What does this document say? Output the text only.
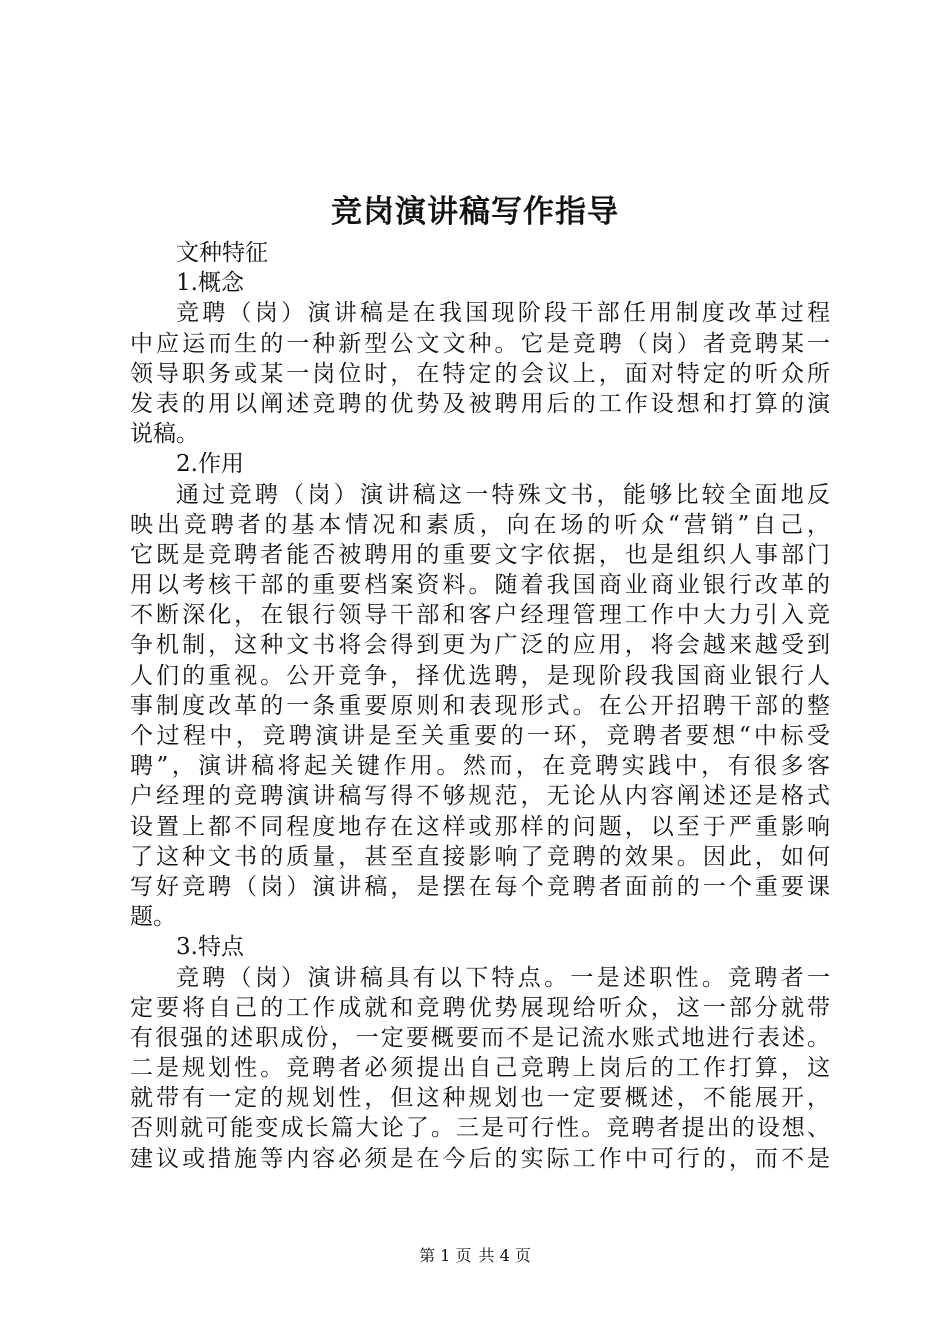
竞岗演讲稿写作指导
文种特征
1.概念
竞聘（岗）演讲稿是在我国现阶段干部任用制度改革过程
中应运而生的一种新型公文文种。它是竞聘（岗）者竞聘某一
领导职务或某一岗位时，在特定的会议上，面对特定的听众所
发表的用以阐述竞聘的优势及被聘用后的工作设想和打算的演
说稿。
2.作用
通过竞聘（岗）演讲稿这一特殊文书，能够比较全面地反
映出竞聘者的基本情况和素质，向在场的听众“营销”自己，
它既是竞聘者能否被聘用的重要文字依据，也是组织人事部门
用以考核干部的重要档案资料。随着我国商业商业银行改革的
不断深化，在银行领导干部和客户经理管理工作中大力引入竞
争机制，这种文书将会得到更为广泛的应用，将会越来越受到
人们的重视。公开竞争，择优选聘，是现阶段我国商业银行人
事制度改革的一条重要原则和表现形式。在公开招聘干部的整
个过程中，竞聘演讲是至关重要的一环，竞聘者要想“中标受
聘”，演讲稿将起关键作用。然而，在竞聘实践中，有很多客
户经理的竞聘演讲稿写得不够规范，无论从内容阐述还是格式
设置上都不同程度地存在这样或那样的问题，以至于严重影响
了这种文书的质量，甚至直接影响了竞聘的效果。因此，如何
写好竞聘（岗）演讲稿，是摆在每个竞聘者面前的一个重要课
题。
3.特点
竞聘（岗）演讲稿具有以下特点。一是述职性。竞聘者一
定要将自己的工作成就和竞聘优势展现给听众，这一部分就带
有很强的述职成份，一定要概要而不是记流水账式地进行表述。
二是规划性。竞聘者必须提出自己竞聘上岗后的工作打算，这
就带有一定的规划性，但这种规划也一定要概述，不能展开，
否则就可能变成长篇大论了。三是可行性。竞聘者提出的设想、
建议或措施等内容必须是在今后的实际工作中可行的，而不是
第 1 页 共 4 页
